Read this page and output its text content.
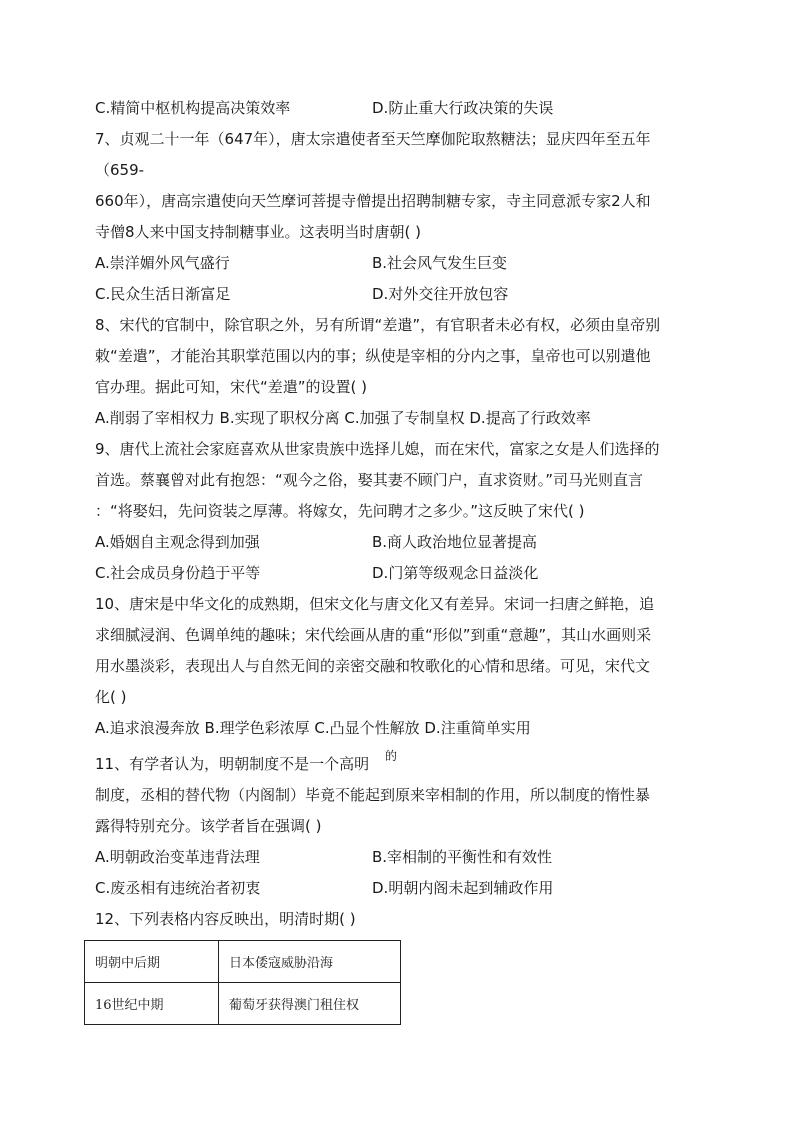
C.精简中枢机构提高决策效率	D.防止重大行政决策的失误
7、贞观二十一年（647年），唐太宗遣使者至天竺摩伽陀取熬糖法；显庆四年至五年
（659-
660年），唐高宗遣使向天竺摩诃菩提寺僧提出招聘制糖专家，寺主同意派专家2人和
寺僧8人来中国支持制糖事业。这表明当时唐朝( )
A.崇洋媚外风气盛行	B.社会风气发生巨变
C.民众生活日渐富足	D.对外交往开放包容
8、宋代的官制中，除官职之外，另有所谓“差遣”，有官职者未必有权，必须由皇帝别
敕“差遣”，才能治其职掌范围以内的事；纵使是宰相的分内之事，皇帝也可以别遣他
官办理。据此可知，宋代“差遣”的设置( )
A.削弱了宰相权力 B.实现了职权分离 C.加强了专制皇权 D.提高了行政效率
9、唐代上流社会家庭喜欢从世家贵族中选择儿媳，而在宋代，富家之女是人们选择的
首选。蔡襄曾对此有抱怨：“观今之俗，娶其妻不顾门户，直求资财。”司马光则直言
：“将娶妇，先问资装之厚薄。将嫁女，先问聘才之多少。”这反映了宋代( )
A.婚姻自主观念得到加强	B.商人政治地位显著提高
C.社会成员身份趋于平等	D.门第等级观念日益淡化
10、唐宋是中华文化的成熟期，但宋文化与唐文化又有差异。宋词一扫唐之鲜艳，追
求细腻浸润、色调单纯的趣味；宋代绘画从唐的重“形似”到重“意趣”，其山水画则采
用水墨淡彩，表现出人与自然无间的亲密交融和牧歌化的心情和思绪。可见，宋代文
化( )
A.追求浪漫奔放 B.理学色彩浓厚 C.凸显个性解放 D.注重简单实用
11、有学者认为，明朝制度不是一个高明 的
制度，丞相的替代物（内阁制）毕竟不能起到原来宰相制的作用，所以制度的惰性暴
露得特别充分。该学者旨在强调( )
A.明朝政治变革违背法理	B.宰相制的平衡性和有效性
C.废丞相有违统治者初衷	D.明朝内阁未起到辅政作用
12、下列表格内容反映出，明清时期( )
明朝中后期	日本倭寇威胁沿海
16世纪中期	葡萄牙获得澳门租住权
